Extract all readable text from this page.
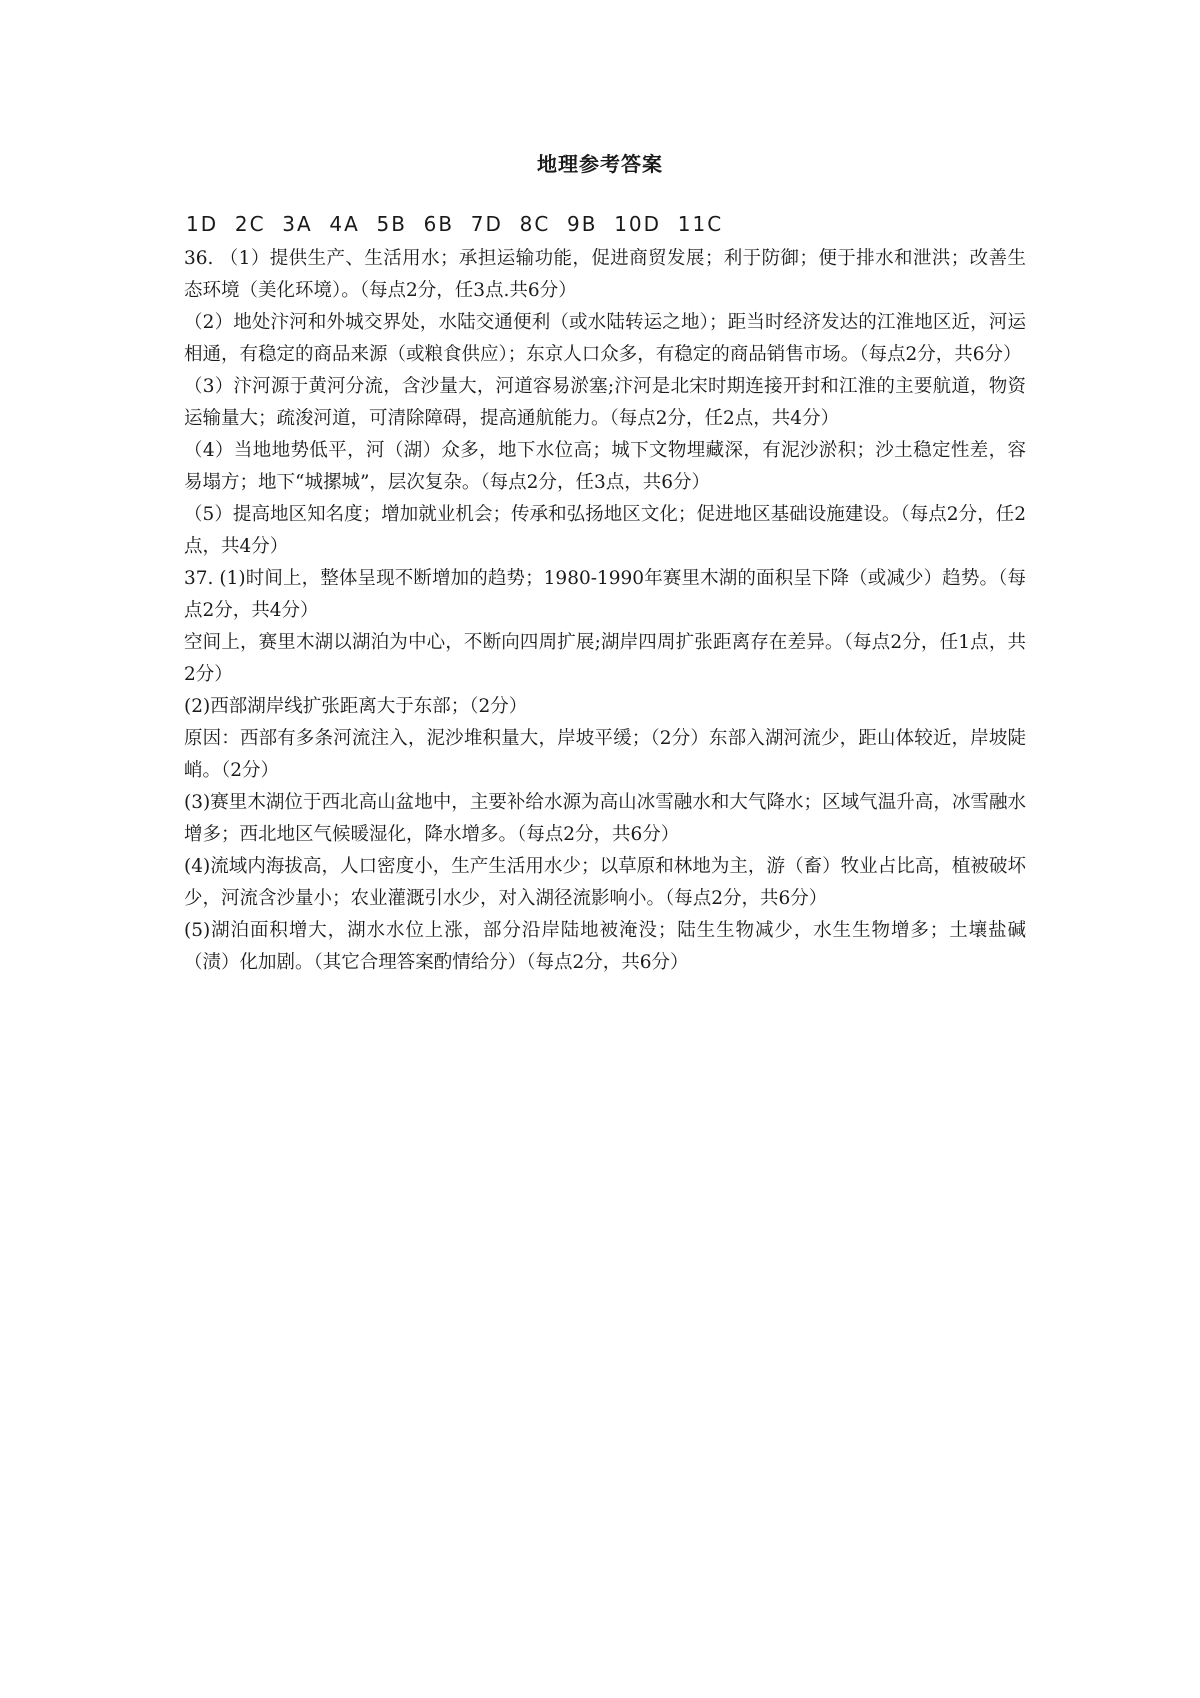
地理参考答案
1D  2C  3A  4A  5B  6B  7D  8C  9B  10D  11C

36. （1）提供生产、生活用水；承担运输功能，促进商贸发展；利于防御；便于排水和泄洪；改善生态环境（美化环境）。（每点2分，任3点.共6分）

（2）地处汴河和外城交界处，水陆交通便利（或水陆转运之地）；距当时经济发达的江淮地区近，河运相通，有稳定的商品来源（或粮食供应）；东京人口众多，有稳定的商品销售市场。（每点2分，共6分）

（3）汴河源于黄河分流，含沙量大，河道容易淤塞;汴河是北宋时期连接开封和江淮的主要航道，物资运输量大；疏浚河道，可清除障碍，提高通航能力。（每点2分，任2点，共4分）

（4）当地地势低平，河（湖）众多，地下水位高；城下文物埋藏深，有泥沙淤积；沙土稳定性差，容易塌方；地下“城摞城”，层次复杂。（每点2分，任3点，共6分）

（5）提高地区知名度；增加就业机会；传承和弘扬地区文化；促进地区基础设施建设。（每点2分，任2点，共4分）

37. (1)时间上，整体呈现不断增加的趋势；1980-1990年赛里木湖的面积呈下降（或减少）趋势。（每点2分，共4分）

空间上，赛里木湖以湖泊为中心，不断向四周扩展;湖岸四周扩张距离存在差异。（每点2分，任1点，共2分）

(2)西部湖岸线扩张距离大于东部；（2分）

原因：西部有多条河流注入，泥沙堆积量大，岸坡平缓；（2分）东部入湖河流少，距山体较近，岸坡陡峭。（2分）

(3)赛里木湖位于西北高山盆地中，主要补给水源为高山冰雪融水和大气降水；区域气温升高，冰雪融水增多；西北地区气候暖湿化，降水增多。（每点2分，共6分）

(4)流域内海拔高，人口密度小，生产生活用水少；以草原和林地为主，游（畜）牧业占比高，植被破坏少，河流含沙量小；农业灌溉引水少，对入湖径流影响小。（每点2分，共6分）

(5)湖泊面积增大，湖水水位上涨，部分沿岸陆地被淹没；陆生生物减少，水生生物增多；土壤盐碱（渍）化加剧。（其它合理答案酌情给分）（每点2分，共6分）
